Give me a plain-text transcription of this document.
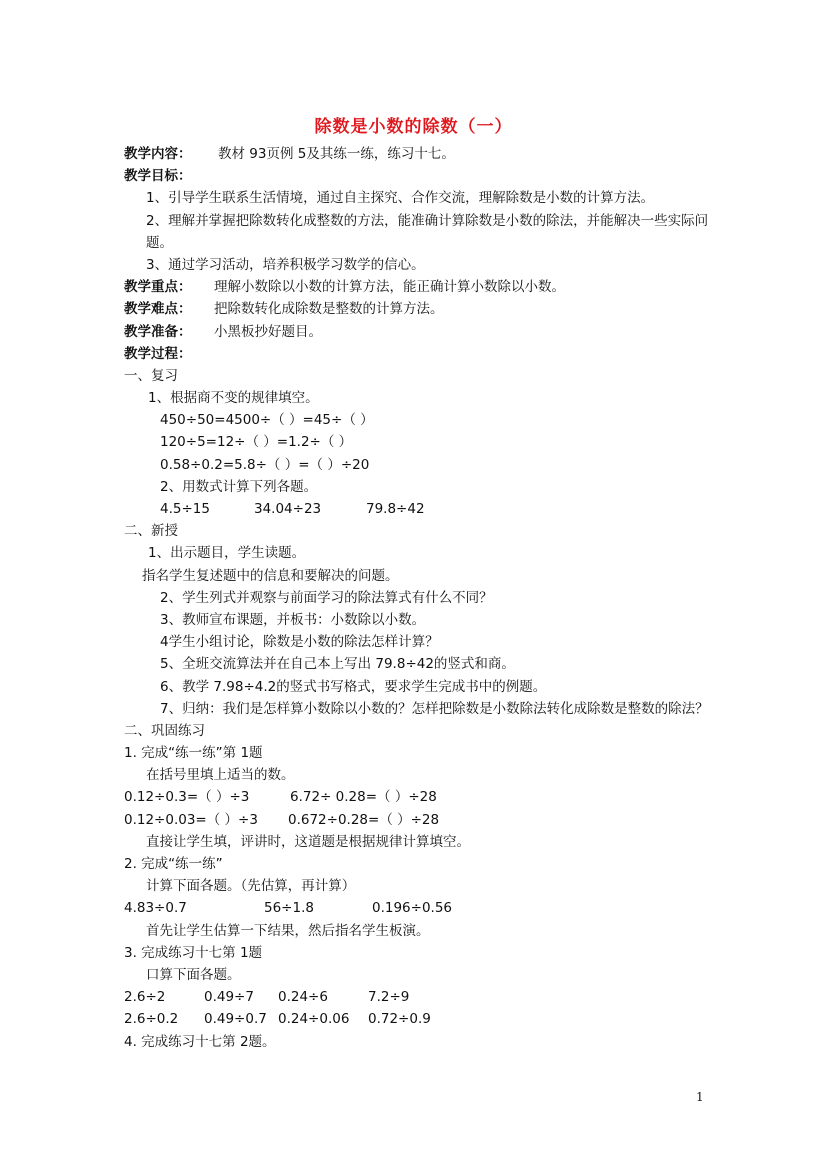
除数是小数的除数（一）
教学内容： 教材 93页例 5及其练一练，练习十七。
教学目标：
1、引导学生联系生活情境，通过自主探究、合作交流，理解除数是小数的计算方法。
2、理解并掌握把除数转化成整数的方法，能准确计算除数是小数的除法，并能解决一些实际问题。
3、通过学习活动，培养积极学习数学的信心。
教学重点： 理解小数除以小数的计算方法，能正确计算小数除以小数。
教学难点： 把除数转化成除数是整数的计算方法。
教学准备： 小黑板抄好题目。
教学过程：
一、复习
1、根据商不变的规律填空。
450÷50=4500÷（ ）=45÷（ ）
120÷5=12÷（ ）=1.2÷（ ）
0.58÷0.2=5.8÷（ ）=（ ）÷20
2、用数式计算下列各题。
4.5÷15	34.04÷23	79.8÷42
二、新授
1、出示题目，学生读题。
指名学生复述题中的信息和要解决的问题。
2、学生列式并观察与前面学习的除法算式有什么不同？
3、教师宣布课题，并板书：小数除以小数。
4学生小组讨论，除数是小数的除法怎样计算？
5、全班交流算法并在自己本上写出 79.8÷42的竖式和商。
6、教学 7.98÷4.2的竖式书写格式，要求学生完成书中的例题。
7、归纳：我们是怎样算小数除以小数的？怎样把除数是小数除法转化成除数是整数的除法？
二、巩固练习
1. 完成“练一练”第 1题
在括号里填上适当的数。
0.12÷0.3=（ ）÷3	6.72÷ 0.28=（ ）÷28
0.12÷0.03=（ ）÷3 0.672÷0.28=（ ）÷28
直接让学生填，评讲时，这道题是根据规律计算填空。
2. 完成“练一练”
计算下面各题。（先估算，再计算）
4.83÷0.7	56÷1.8	0.196÷0.56
首先让学生估算一下结果，然后指名学生板演。
3. 完成练习十七第 1题
口算下面各题。
2.6÷2	0.49÷7 0.24÷6	7.2÷9
2.6÷0.2 0.49÷0.7 0.24÷0.06 0.72÷0.9
4. 完成练习十七第 2题。
1
